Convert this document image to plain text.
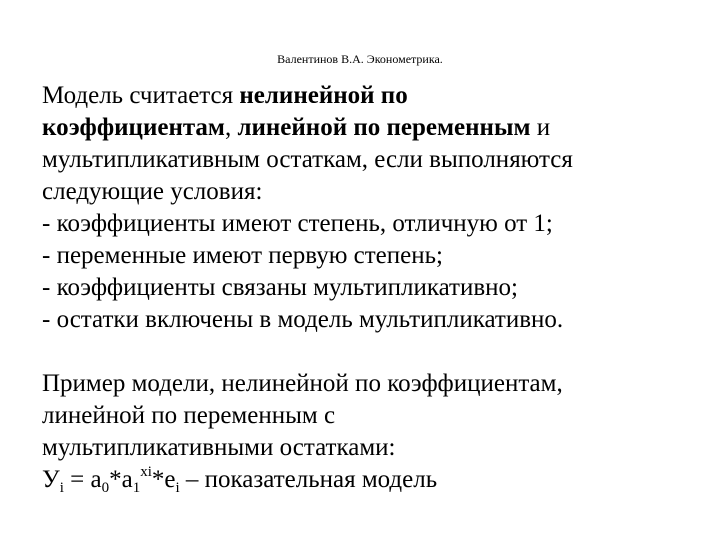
Валентинов В.А. Эконометрика.
Модель считается нелинейной по
коэффициентам, линейной по переменным и
мультипликативным остаткам, если выполняются
следующие условия:
- коэффициенты имеют степень, отличную от 1;
- переменные имеют первую степень;
- коэффициенты связаны мультипликативно;
- остатки включены в модель мультипликативно.
Пример модели, нелинейной по коэффициентам,
линейной по переменным с
мультипликативными остатками:
$У_i = a_0*a_1^{xi}*e_i$ – показательная модель
